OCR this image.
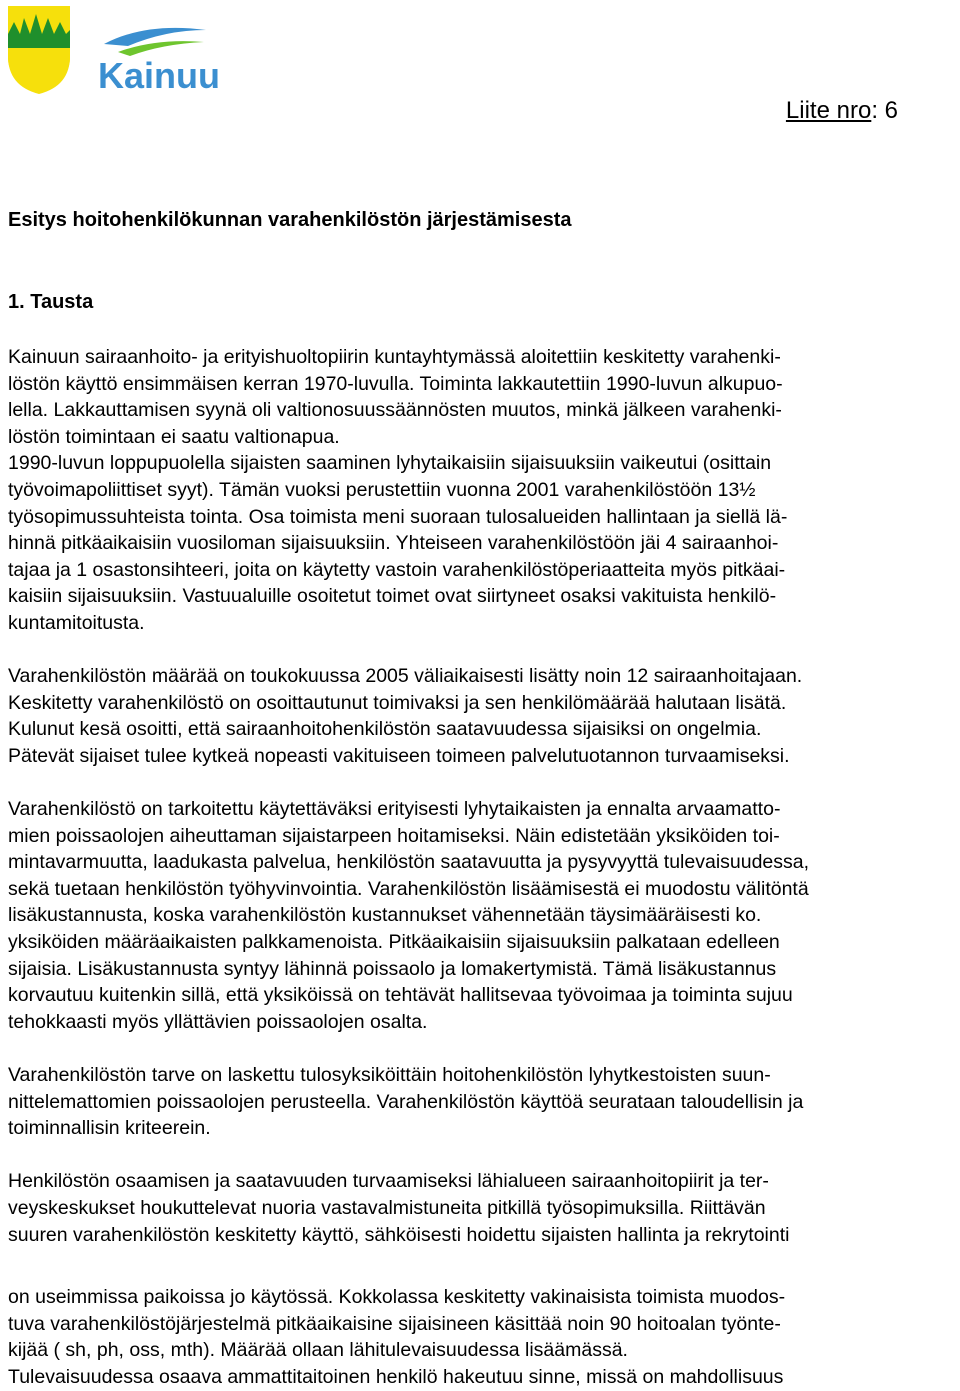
Kainuu
Liite nro: 6
Esitys hoitohenkilökunnan varahenkilöstön järjestämisesta
1. Tausta

Kainuun sairaanhoito- ja erityishuoltopiirin kuntayhtymässä aloitettiin keskitetty varahenki-
löstön käyttö ensimmäisen kerran 1970-luvulla. Toiminta lakkautettiin 1990-luvun alkupuo-
lella. Lakkauttamisen syynä oli valtionosuussäännösten muutos, minkä jälkeen varahenki-
löstön toimintaan ei saatu valtionapua.
1990-luvun loppupuolella sijaisten saaminen lyhytaikaisiin sijaisuuksiin vaikeutui (osittain
työvoimapoliittiset syyt). Tämän vuoksi perustettiin vuonna 2001 varahenkilöstöön 13½
työsopimussuhteista tointa. Osa toimista meni suoraan tulosalueiden hallintaan ja siellä lä-
hinnä pitkäaikaisiin vuosiloman sijaisuuksiin. Yhteiseen varahenkilöstöön jäi 4 sairaanhoi-
tajaa ja 1 osastonsihteeri, joita on käytetty vastoin varahenkilöstöperiaatteita myös pitkäai-
kaisiin sijaisuuksiin. Vastuualuille osoitetut toimet ovat siirtyneet osaksi vakituista henkilö-
kuntamitoitusta.

Varahenkilöstön määrää on toukokuussa 2005 väliaikaisesti lisätty noin 12 sairaanhoitajaan.
Keskitetty varahenkilöstö on osoittautunut toimivaksi ja sen henkilömäärää halutaan lisätä.
Kulunut kesä osoitti, että sairaanhoitohenkilöstön saatavuudessa sijaisiksi on ongelmia.
Pätevät sijaiset tulee kytkeä nopeasti vakituiseen toimeen palvelutuotannon turvaamiseksi.

Varahenkilöstö on tarkoitettu käytettäväksi erityisesti lyhytaikaisten ja ennalta arvaamatto-
mien poissaolojen aiheuttaman sijaistarpeen hoitamiseksi. Näin edistetään yksiköiden toi-
mintavarmuutta, laadukasta palvelua, henkilöstön saatavuutta ja pysyvyyttä tulevaisuudessa,
sekä tuetaan henkilöstön työhyvinvointia. Varahenkilöstön lisäämisestä ei muodostu välitöntä
lisäkustannusta, koska varahenkilöstön kustannukset vähennetään täysimääräisesti ko.
yksiköiden määräaikaisten palkkamenoista. Pitkäaikaisiin sijaisuuksiin palkataan edelleen
sijaisia. Lisäkustannusta syntyy lähinnä poissaolo ja lomakertymistä. Tämä lisäkustannus
korvautuu kuitenkin sillä, että yksiköissä on tehtävät hallitsevaa työvoimaa ja toiminta sujuu
tehokkaasti myös yllättävien poissaolojen osalta.

Varahenkilöstön tarve on laskettu tulosyksiköittäin hoitohenkilöstön lyhytkestoisten suun-
nittelemattomien poissaolojen perusteella. Varahenkilöstön käyttöä seurataan taloudellisin ja
toiminnallisin kriteerein.

Henkilöstön osaamisen ja saatavuuden turvaamiseksi lähialueen sairaanhoitopiirit ja ter-
veyskeskukset houkuttelevat nuoria vastavalmistuneita pitkillä työsopimuksilla. Riittävän
suuren varahenkilöstön keskitetty käyttö, sähköisesti hoidettu sijaisten hallinta ja rekrytointi

on useimmissa paikoissa jo käytössä. Kokkolassa keskitetty vakinaisista toimista muodos-
tuva varahenkilöstöjärjestelmä pitkäaikaisine sijaisineen käsittää noin 90 hoitoalan työnte-
kijää ( sh, ph, oss, mth). Määrää ollaan lähitulevaisuudessa lisäämässä.
Tulevaisuudessa osaava ammattitaitoinen henkilö hakeutuu sinne, missä on mahdollisuus
